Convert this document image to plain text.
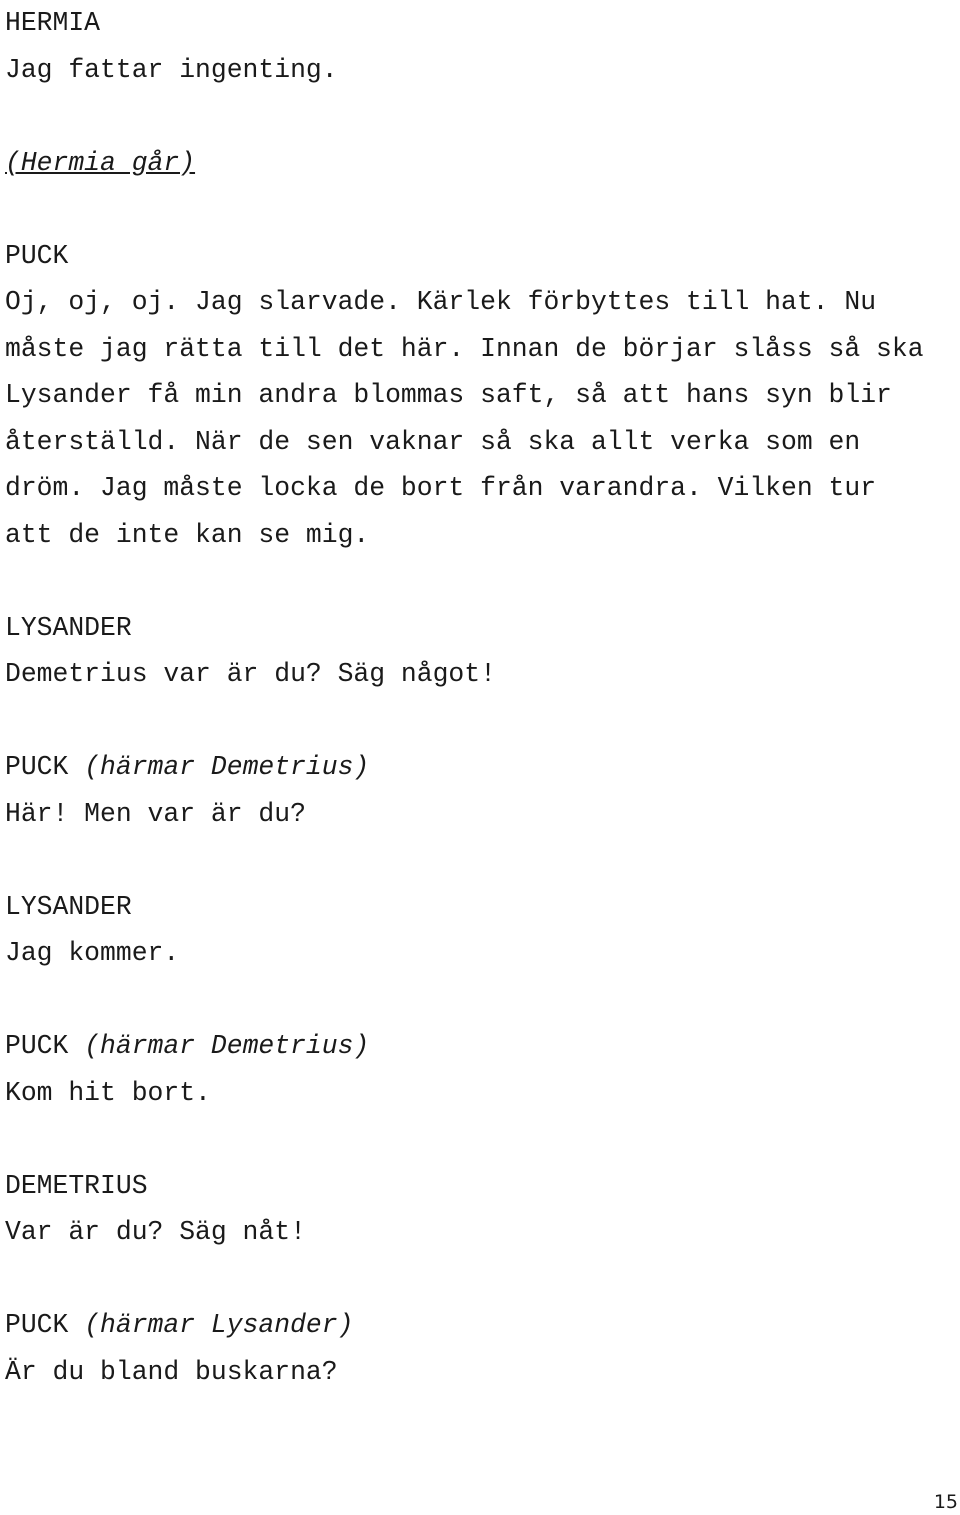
HERMIA
Jag fattar ingenting.
(Hermia går)
PUCK
Oj, oj, oj. Jag slarvade. Kärlek förbyttes till hat. Nu
måste jag rätta till det här. Innan de börjar slåss så ska
Lysander få min andra blommas saft, så att hans syn blir
återställd. När de sen vaknar så ska allt verka som en
dröm. Jag måste locka de bort från varandra. Vilken tur
att de inte kan se mig.
LYSANDER
Demetrius var är du? Säg något!
PUCK (härmar Demetrius)
Här! Men var är du?
LYSANDER
Jag kommer.
PUCK (härmar Demetrius)
Kom hit bort.
DEMETRIUS
Var är du? Säg nåt!
PUCK (härmar Lysander)
Är du bland buskarna?
15
